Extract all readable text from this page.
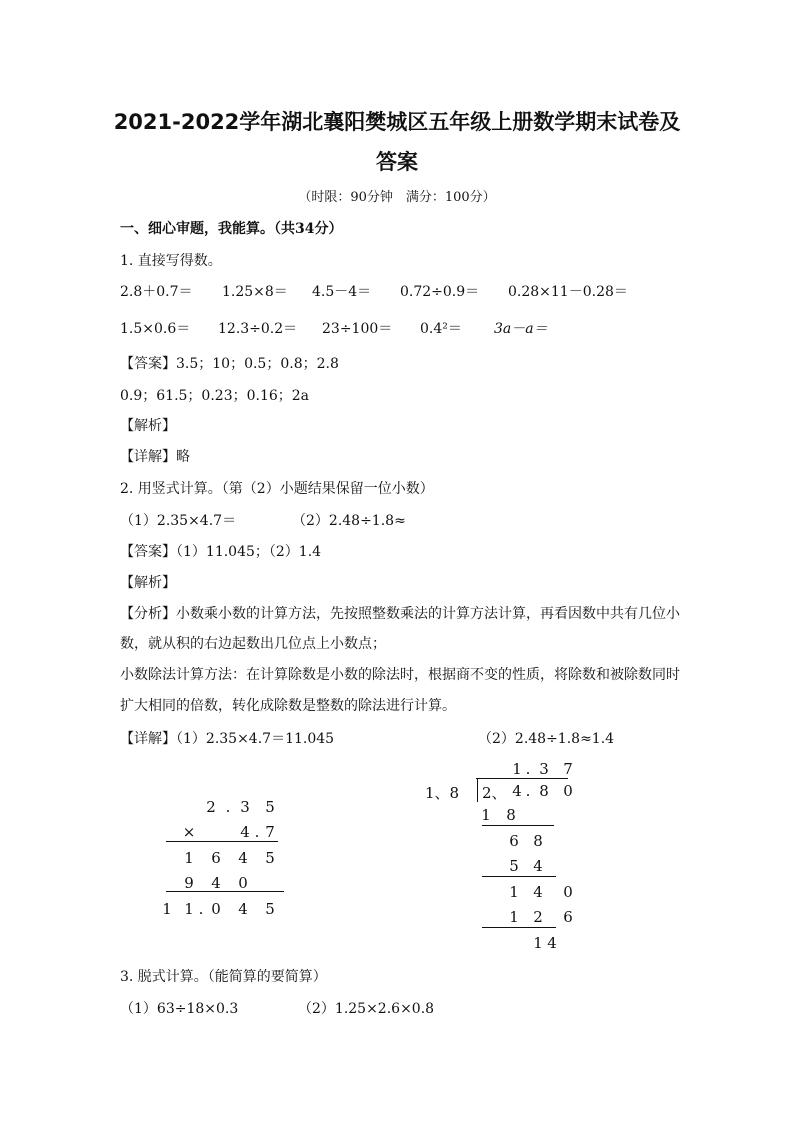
2021-2022学年湖北襄阳樊城区五年级上册数学期末试卷及
答案
（时限：90分钟　满分：100分）
一、细心审题，我能算。（共34分）
1. 直接写得数。
2.8＋0.7＝ 1.25×8＝ 4.5－4＝ 0.72÷0.9＝ 0.28×11－0.28＝
1.5×0.6＝ 12.3÷0.2＝ 23÷100＝ 0.4²＝ 3a－a＝
【答案】3.5；10；0.5；0.8；2.8
0.9；61.5；0.23；0.16；2a
【解析】
【详解】略
2. 用竖式计算。（第（2）小题结果保留一位小数）
（1）2.35×4.7＝	（2）2.48÷1.8≈
【答案】（1）11.045；（2）1.4
【解析】
【分析】小数乘小数的计算方法，先按照整数乘法的计算方法计算，再看因数中共有几位小
数，就从积的右边起数出几位点上小数点；
小数除法计算方法：在计算除数是小数的除法时，根据商不变的性质，将除数和被除数同时
扩大相同的倍数，转化成除数是整数的除法进行计算。
【详解】（1）2.35×4.7＝11.045	（2）2.48÷1.8≈1.4
2 . 3 5
×	4 . 7
1 6 4 5
9 4 0
1 1 . 0 4 5
1 . 3 7
1、8 2、 4 . 8 0
1 8
6 8
5 4
1 4 0
1 2 6
1 4
3. 脱式计算。（能简算的要简算）
（1）63÷18×0.3	（2）1.25×2.6×0.8
